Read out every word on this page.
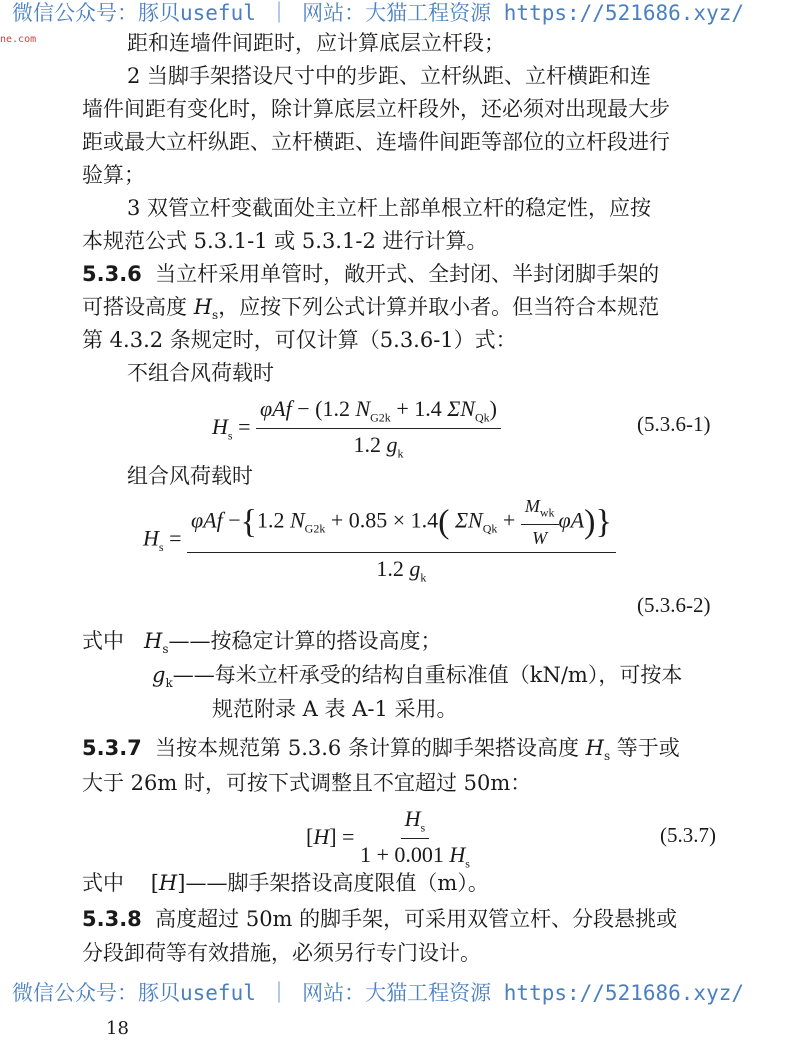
微信公众号：豚贝useful ｜ 网站：大猫工程资源 https://521686.xyz/
ne.com	距和连墙件间距时，应计算底层立杆段；
2 当脚手架搭设尺寸中的步距、立杆纵距、立杆横距和连
墙件间距有变化时，除计算底层立杆段外，还必须对出现最大步
距或最大立杆纵距、立杆横距、连墙件间距等部位的立杆段进行
验算；
3 双管立杆变截面处主立杆上部单根立杆的稳定性，应按
本规范公式 5.3.1-1 或 5.3.1-2 进行计算。
5.3.6 当立杆采用单管时，敞开式、全封闭、半封闭脚手架的
可搭设高度 $H_s$，应按下列公式计算并取小者。但当符合本规范
第 4.3.2 条规定时，可仅计算（5.3.6-1）式：
不组合风荷载时
$H_s = \frac{\varphi Af - (1.2 N_{G2k} + 1.4 \Sigma N_{Qk})}{1.2 g_k}$	(5.3.6-1)
组合风荷载时
$H_s = \frac{\varphi Af -\{1.2 N_{G2k} + 0.85 \times 1.4( \Sigma N_{Qk} + \frac{M_{wk}}{W} \varphi A)\}}{1.2 g_k}$
(5.3.6-2)
式中 $H_s——$按稳定计算的搭设高度；
$g_k——$每米立杆承受的结构自重标准值（kN/m），可按本
规范附录 A 表 A-1 采用。
5.3.7 当按本规范第 5.3.6 条计算的脚手架搭设高度 $H_s$ 等于或
大于 26m 时，可按下式调整且不宜超过 50m：
$[H] = \frac{H_s}{1 + 0.001 H_s}$	(5.3.7)
式中    [H]——脚手架搭设高度限值（m）。
5.3.8 高度超过 50m 的脚手架，可采用双管立杆、分段悬挑或
分段卸荷等有效措施，必须另行专门设计。
微信公众号：豚贝useful ｜ 网站：大猫工程资源 https://521686.xyz/
18
